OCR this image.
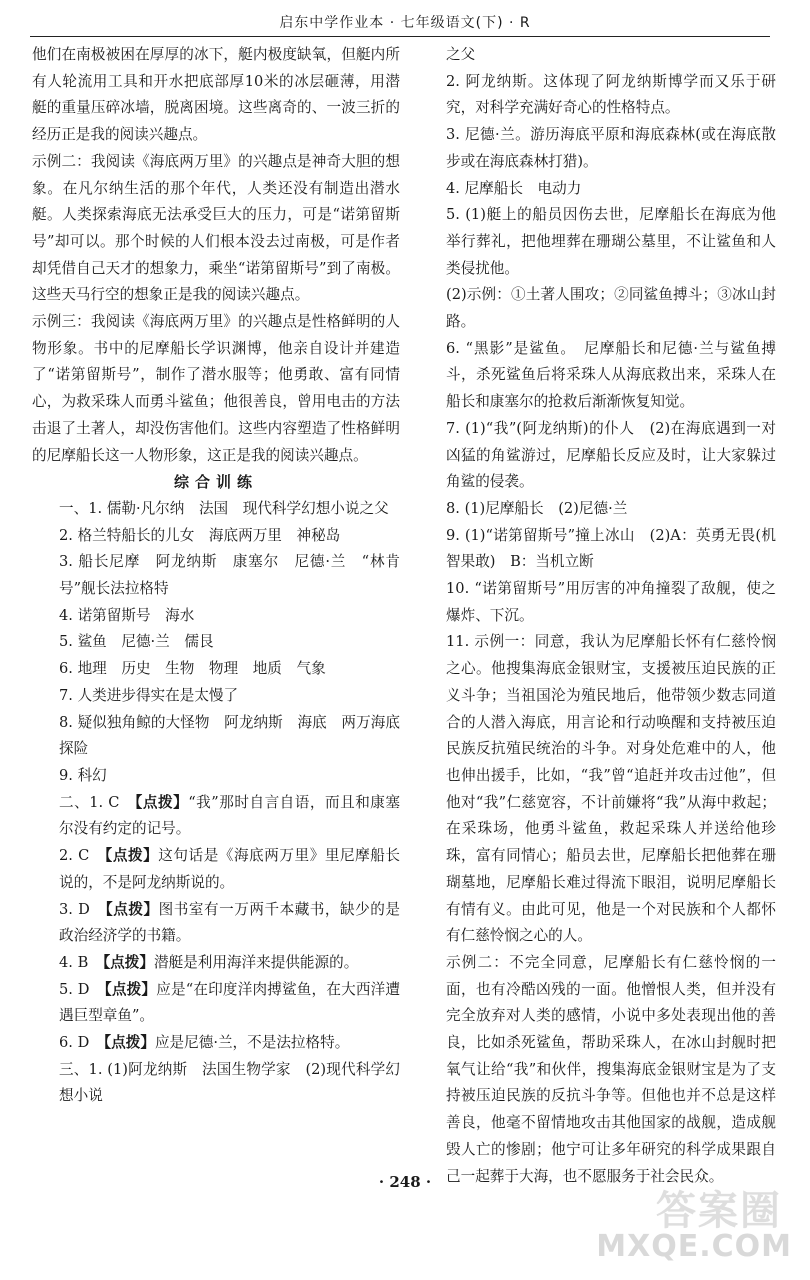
启东中学作业本 · 七年级语文(下) · R

他们在南极被困在厚厚的冰下，艇内极度缺氧，但艇内所有人轮流用工具和开水把底部厚10米的冰层砸薄，用潜艇的重量压碎冰墙，脱离困境。这些离奇的、一波三折的经历正是我的阅读兴趣点。

示例二：我阅读《海底两万里》的兴趣点是神奇大胆的想象。在凡尔纳生活的那个年代，人类还没有制造出潜水艇。人类探索海底无法承受巨大的压力，可是“诺第留斯号”却可以。那个时候的人们根本没去过南极，可是作者却凭借自己天才的想象力，乘坐“诺第留斯号”到了南极。这些天马行空的想象正是我的阅读兴趣点。

示例三：我阅读《海底两万里》的兴趣点是性格鲜明的人物形象。书中的尼摩船长学识渊博，他亲自设计并建造了“诺第留斯号”，制作了潜水服等；他勇敢、富有同情心，为救采珠人而勇斗鲨鱼；他很善良，曾用电击的方法击退了土著人，却没伤害他们。这些内容塑造了性格鲜明的尼摩船长这一人物形象，这正是我的阅读兴趣点。

综合训练

一、1. 儒勒·凡尔纳　法国　现代科学幻想小说之父

2. 格兰特船长的儿女　海底两万里　神秘岛

3. 船长尼摩　阿龙纳斯　康塞尔　尼德·兰　“林肯号”舰长法拉格特

4. 诺第留斯号　海水

5. 鲨鱼　尼德·兰　儒艮

6. 地理　历史　生物　物理　地质　气象

7. 人类进步得实在是太慢了

8. 疑似独角鲸的大怪物　阿龙纳斯　海底　两万海底探险

9. 科幻

二、1. C　【点拨】“我”那时自言自语，而且和康塞尔没有约定的记号。

2. C　【点拨】这句话是《海底两万里》里尼摩船长说的，不是阿龙纳斯说的。

3. D　【点拨】图书室有一万两千本藏书，缺少的是政治经济学的书籍。

4. B　【点拨】潜艇是利用海洋来提供能源的。

5. D　【点拨】应是“在印度洋肉搏鲨鱼，在大西洋遭遇巨型章鱼”。

6. D　【点拨】应是尼德·兰，不是法拉格特。

三、1. (1)阿龙纳斯　法国生物学家　(2)现代科学幻想小说

之父

2. 阿龙纳斯。这体现了阿龙纳斯博学而又乐于研究，对科学充满好奇心的性格特点。

3. 尼德·兰。游历海底平原和海底森林(或在海底散步或在海底森林打猎)。

4. 尼摩船长　电动力

5. (1)艇上的船员因伤去世，尼摩船长在海底为他举行葬礼，把他埋葬在珊瑚公墓里，不让鲨鱼和人类侵扰他。

(2)示例：①土著人围攻；②同鲨鱼搏斗；③冰山封路。

6. “黑影”是鲨鱼。　尼摩船长和尼德·兰与鲨鱼搏斗，杀死鲨鱼后将采珠人从海底救出来，采珠人在船长和康塞尔的抢救后渐渐恢复知觉。

7. (1)“我”(阿龙纳斯)的仆人　(2)在海底遇到一对凶猛的角鲨游过，尼摩船长反应及时，让大家躲过角鲨的侵袭。

8. (1)尼摩船长　(2)尼德·兰

9. (1)“诺第留斯号”撞上冰山　(2)A：英勇无畏(机智果敢)　B：当机立断

10. “诺第留斯号”用厉害的冲角撞裂了敌舰，使之爆炸、下沉。

11. 示例一：同意，我认为尼摩船长怀有仁慈怜悯之心。他搜集海底金银财宝，支援被压迫民族的正义斗争；当祖国沦为殖民地后，他带领少数志同道合的人潜入海底，用言论和行动唤醒和支持被压迫民族反抗殖民统治的斗争。对身处危难中的人，他也伸出援手，比如，“我”曾“追赶并攻击过他”，但他对“我”仁慈宽容，不计前嫌将“我”从海中救起；在采珠场，他勇斗鲨鱼，救起采珠人并送给他珍珠，富有同情心；船员去世，尼摩船长把他葬在珊瑚墓地，尼摩船长难过得流下眼泪，说明尼摩船长有情有义。由此可见，他是一个对民族和个人都怀有仁慈怜悯之心的人。

示例二：不完全同意，尼摩船长有仁慈怜悯的一面，也有冷酷凶残的一面。他憎恨人类，但并没有完全放弃对人类的感情，小说中多处表现出他的善良，比如杀死鲨鱼，帮助采珠人，在冰山封舰时把氧气让给“我”和伙伴，搜集海底金银财宝是为了支持被压迫民族的反抗斗争等。但他也并不总是这样善良，他毫不留情地攻击其他国家的战舰，造成舰毁人亡的惨剧；他宁可让多年研究的科学成果跟自己一起葬于大海，也不愿服务于社会民众。

· 248 ·
答案圈
MXQE.COM
